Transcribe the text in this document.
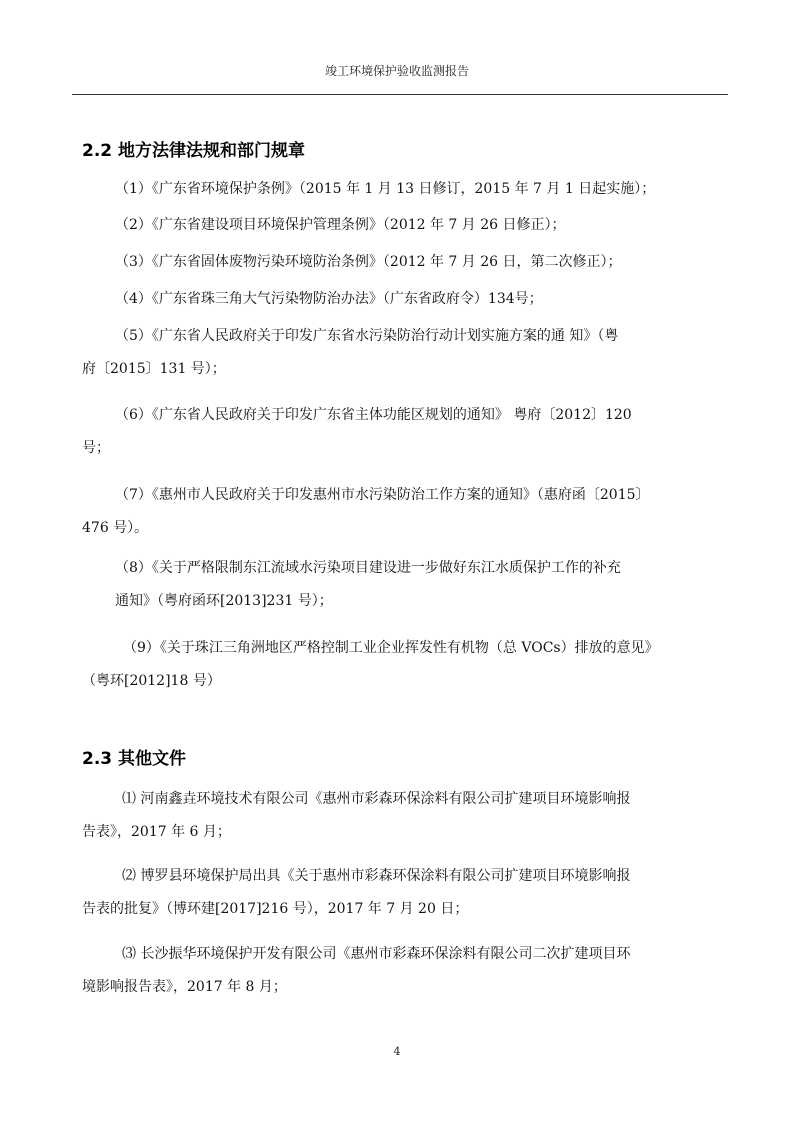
竣工环境保护验收监测报告
2.2 地方法律法规和部门规章
（1）《广东省环境保护条例》（2015 年 1 月 13 日修订，2015 年 7 月 1 日起实施）；
（2）《广东省建设项目环境保护管理条例》（2012 年 7 月 26 日修正）；
（3）《广东省固体废物污染环境防治条例》（2012 年 7 月 26 日，第二次修正）；
（4）《广东省珠三角大气污染物防治办法》（广东省政府令）134号；
（5）《广东省人民政府关于印发广东省水污染防治行动计划实施方案的通 知》（粤
府〔2015〕131 号）；
（6）《广东省人民政府关于印发广东省主体功能区规划的通知》 粤府〔2012〕120
号；
（7）《惠州市人民政府关于印发惠州市水污染防治工作方案的通知》（惠府函〔2015〕
476 号）。
（8）《关于严格限制东江流域水污染项目建设进一步做好东江水质保护工作的补充
通知》（粤府函环[2013]231 号）；
（9）《关于珠江三角洲地区严格控制工业企业挥发性有机物（总 VOCs）排放的意见》
（粤环[2012]18 号）
2.3 其他文件
⑴ 河南鑫垚环境技术有限公司《惠州市彩森环保涂料有限公司扩建项目环境影响报
告表》，2017 年 6 月；
⑵ 博罗县环境保护局出具《关于惠州市彩森环保涂料有限公司扩建项目环境影响报
告表的批复》（博环建[2017]216 号），2017 年 7 月 20 日；
⑶ 长沙振华环境保护开发有限公司《惠州市彩森环保涂料有限公司二次扩建项目环
境影响报告表》，2017 年 8 月；
4
